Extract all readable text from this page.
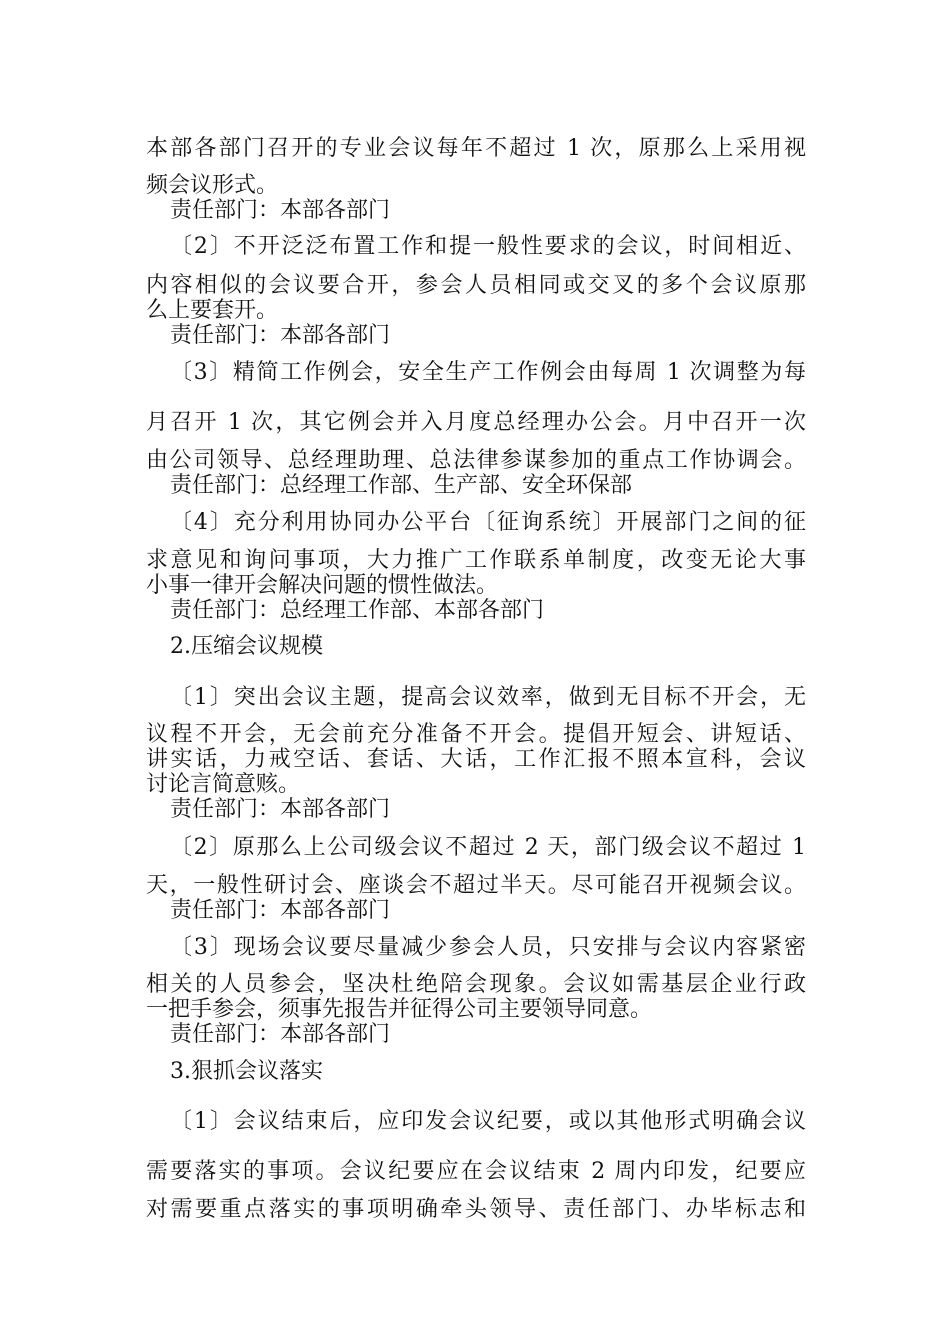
本部各部门召开的专业会议每年不超过 1 次，原那么上采用视

频会议形式。

责任部门：本部各部门

〔2〕不开泛泛布置工作和提一般性要求的会议，时间相近、

内容相似的会议要合开，参会人员相同或交叉的多个会议原那

么上要套开。

责任部门：本部各部门

〔3〕精简工作例会，安全生产工作例会由每周 1 次调整为每

月召开 1 次，其它例会并入月度总经理办公会。月中召开一次

由公司领导、总经理助理、总法律参谋参加的重点工作协调会。

责任部门：总经理工作部、生产部、安全环保部

〔4〕充分利用协同办公平台〔征询系统〕开展部门之间的征

求意见和询问事项，大力推广工作联系单制度，改变无论大事

小事一律开会解决问题的惯性做法。

责任部门：总经理工作部、本部各部门

2.压缩会议规模

〔1〕突出会议主题，提高会议效率，做到无目标不开会，无

议程不开会，无会前充分准备不开会。提倡开短会、讲短话、

讲实话，力戒空话、套话、大话，工作汇报不照本宣科，会议

讨论言简意赅。

责任部门：本部各部门

〔2〕原那么上公司级会议不超过 2 天，部门级会议不超过 1

天，一般性研讨会、座谈会不超过半天。尽可能召开视频会议。

责任部门：本部各部门

〔3〕现场会议要尽量减少参会人员，只安排与会议内容紧密

相关的人员参会，坚决杜绝陪会现象。会议如需基层企业行政

一把手参会，须事先报告并征得公司主要领导同意。

责任部门：本部各部门

3.狠抓会议落实

〔1〕会议结束后，应印发会议纪要，或以其他形式明确会议

需要落实的事项。会议纪要应在会议结束 2 周内印发，纪要应

对需要重点落实的事项明确牵头领导、责任部门、办毕标志和
